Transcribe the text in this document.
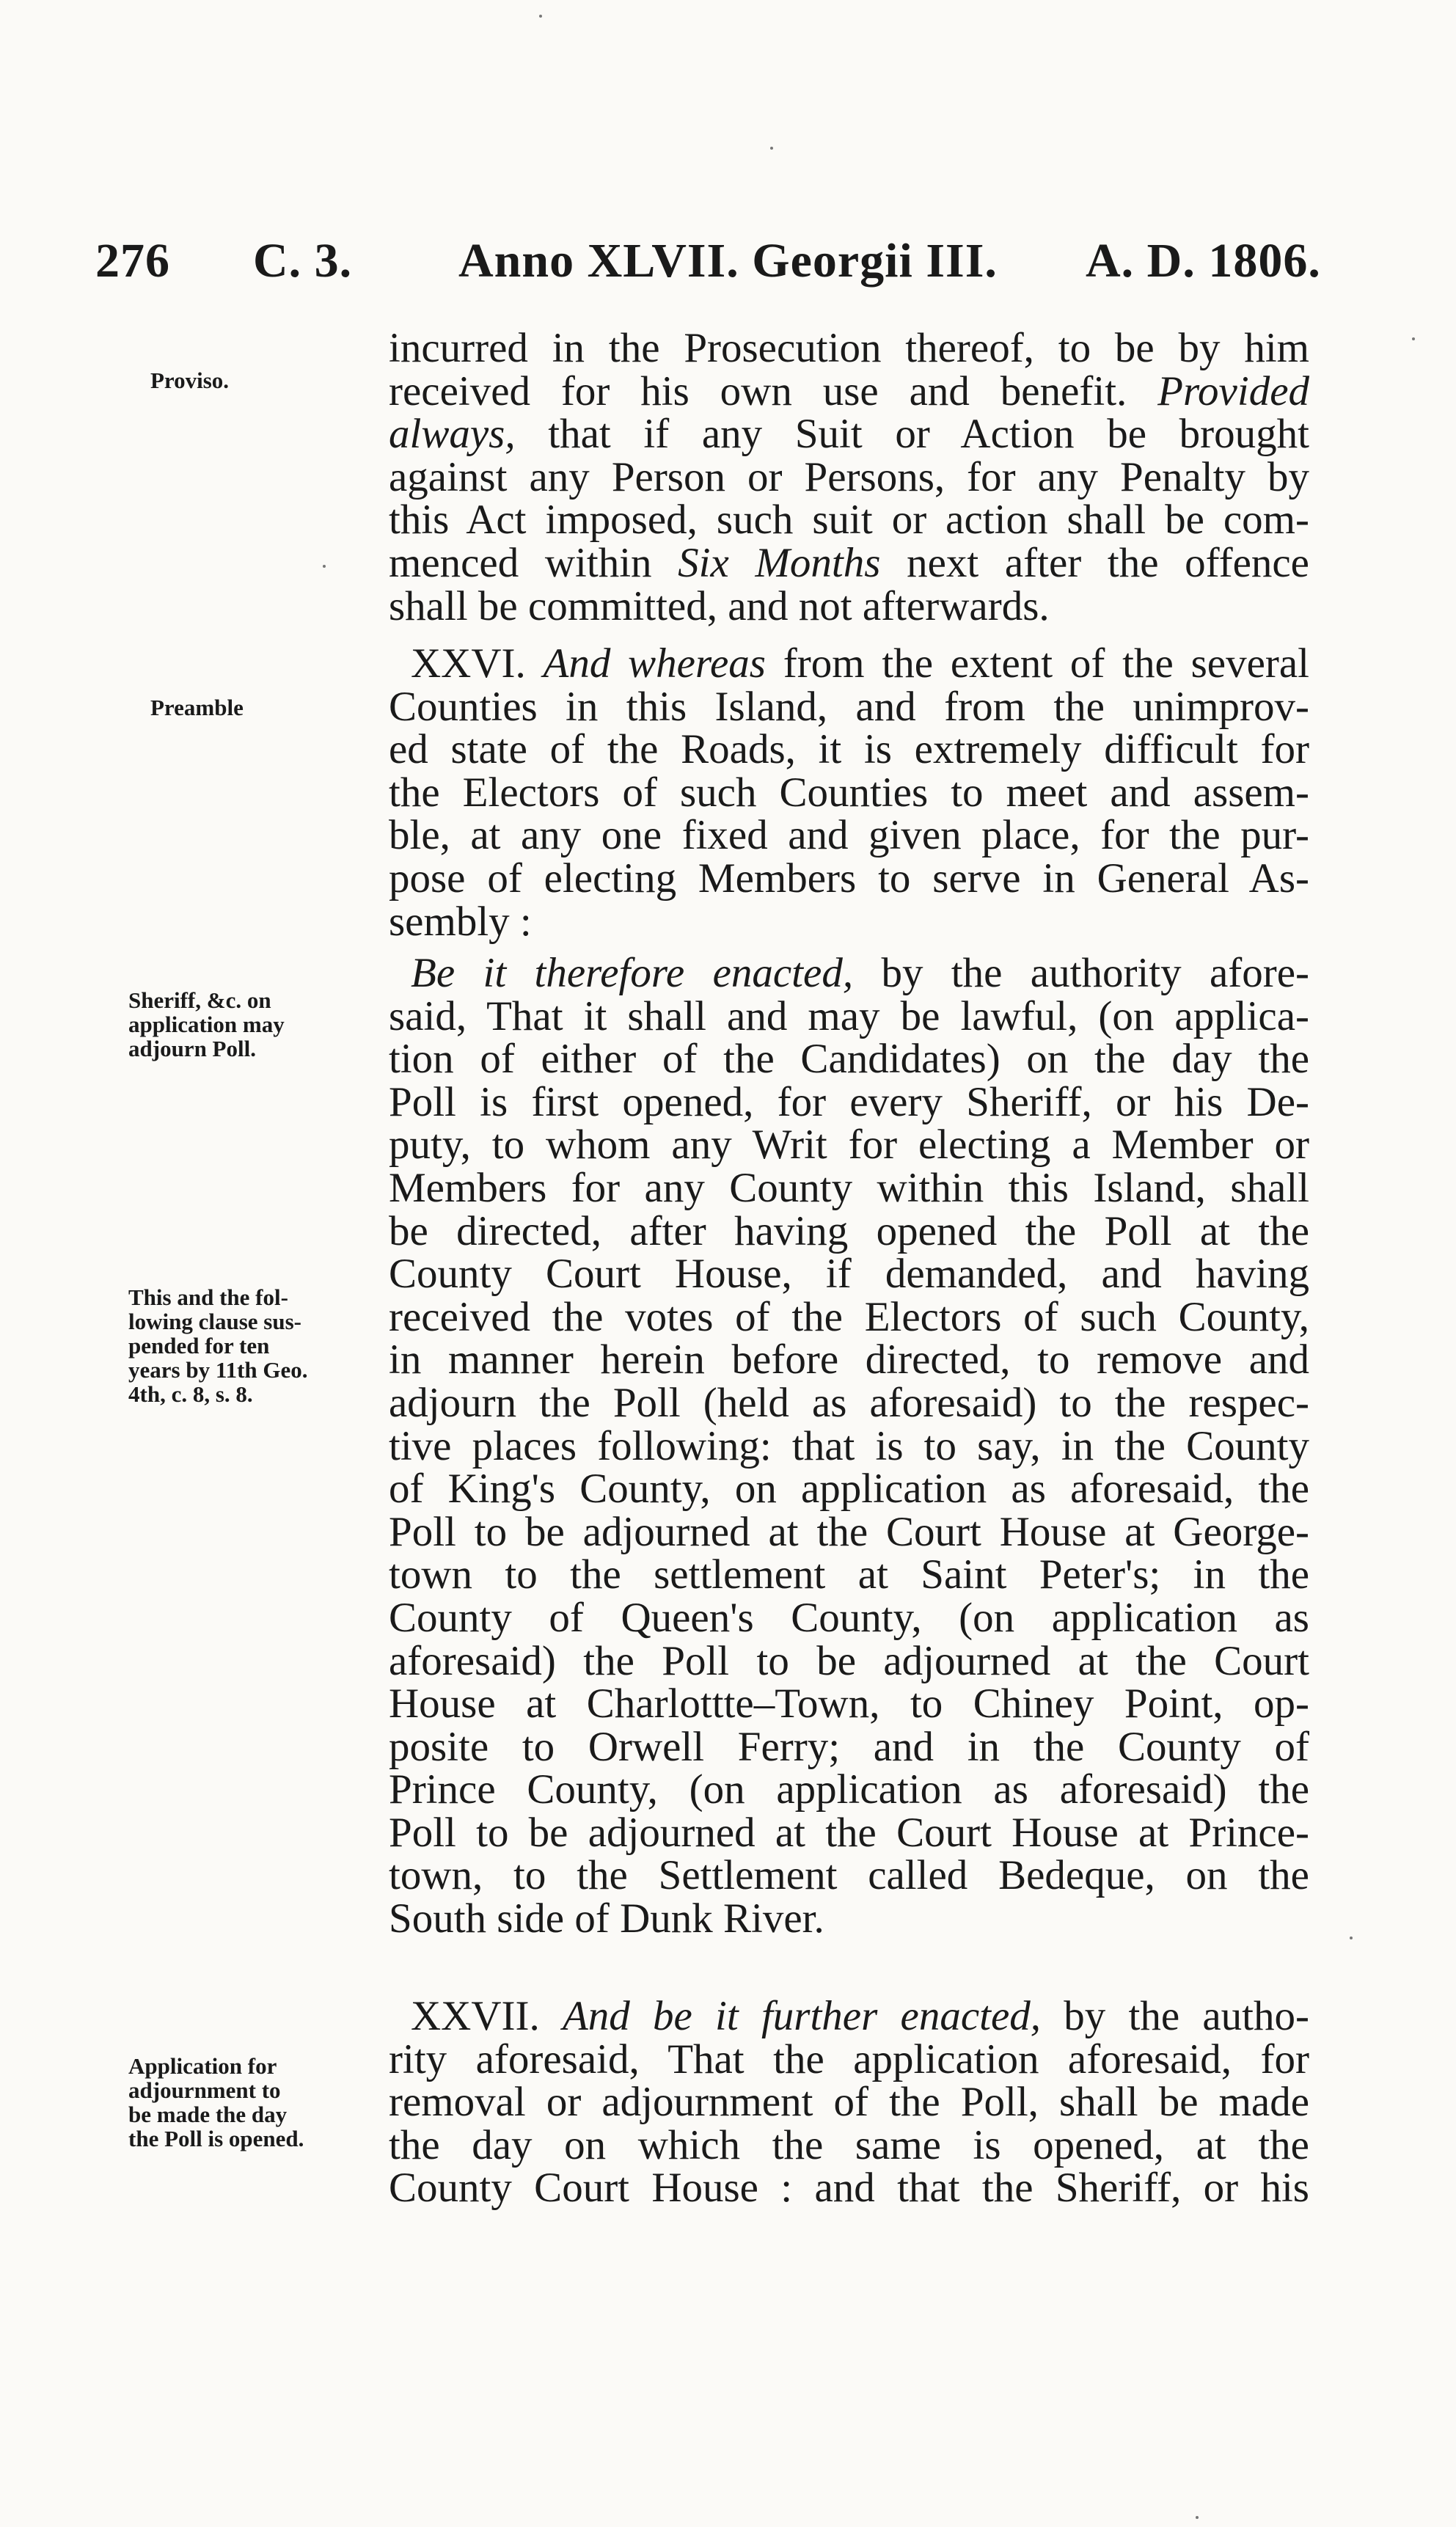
276 C. 3. Anno XLVII. Georgii III. A. D. 1806.
Proviso.
Preamble
Sheriff, &c. on
application may
adjourn Poll.
This and the fol-
lowing clause sus-
pended for ten
years by 11th Geo.
4th, c. 8, s. 8.
Application for
adjournment to
be made the day
the Poll is opened.
incurred in the Prosecution thereof, to be by him
received for his own use and benefit. Provided
always, that if any Suit or Action be brought
against any Person or Persons, for any Penalty by
this Act imposed, such suit or action shall be com-
menced within Six Months next after the offence
shall be committed, and not afterwards.
XXVI. And whereas from the extent of the several
Counties in this Island, and from the unimprov-
ed state of the Roads, it is extremely difficult for
the Electors of such Counties to meet and assem-
ble, at any one fixed and given place, for the pur-
pose of electing Members to serve in General As-
sembly :
Be it therefore enacted, by the authority afore-
said, That it shall and may be lawful, (on applica-
tion of either of the Candidates) on the day the
Poll is first opened, for every Sheriff, or his De-
puty, to whom any Writ for electing a Member or
Members for any County within this Island, shall
be directed, after having opened the Poll at the
County Court House, if demanded, and having
received the votes of the Electors of such County,
in manner herein before directed, to remove and
adjourn the Poll (held as aforesaid) to the respec-
tive places following: that is to say, in the County
of King's County, on application as aforesaid, the
Poll to be adjourned at the Court House at George-
town to the settlement at Saint Peter's; in the
County of Queen's County, (on application as
aforesaid) the Poll to be adjourned at the Court
House at Charlottte–Town, to Chiney Point, op-
posite to Orwell Ferry; and in the County of
Prince County, (on application as aforesaid) the
Poll to be adjourned at the Court House at Prince-
town, to the Settlement called Bedeque, on the
South side of Dunk River.
XXVII. And be it further enacted, by the autho-
rity aforesaid, That the application aforesaid, for
removal or adjournment of the Poll, shall be made
the day on which the same is opened, at the
County Court House : and that the Sheriff, or his
